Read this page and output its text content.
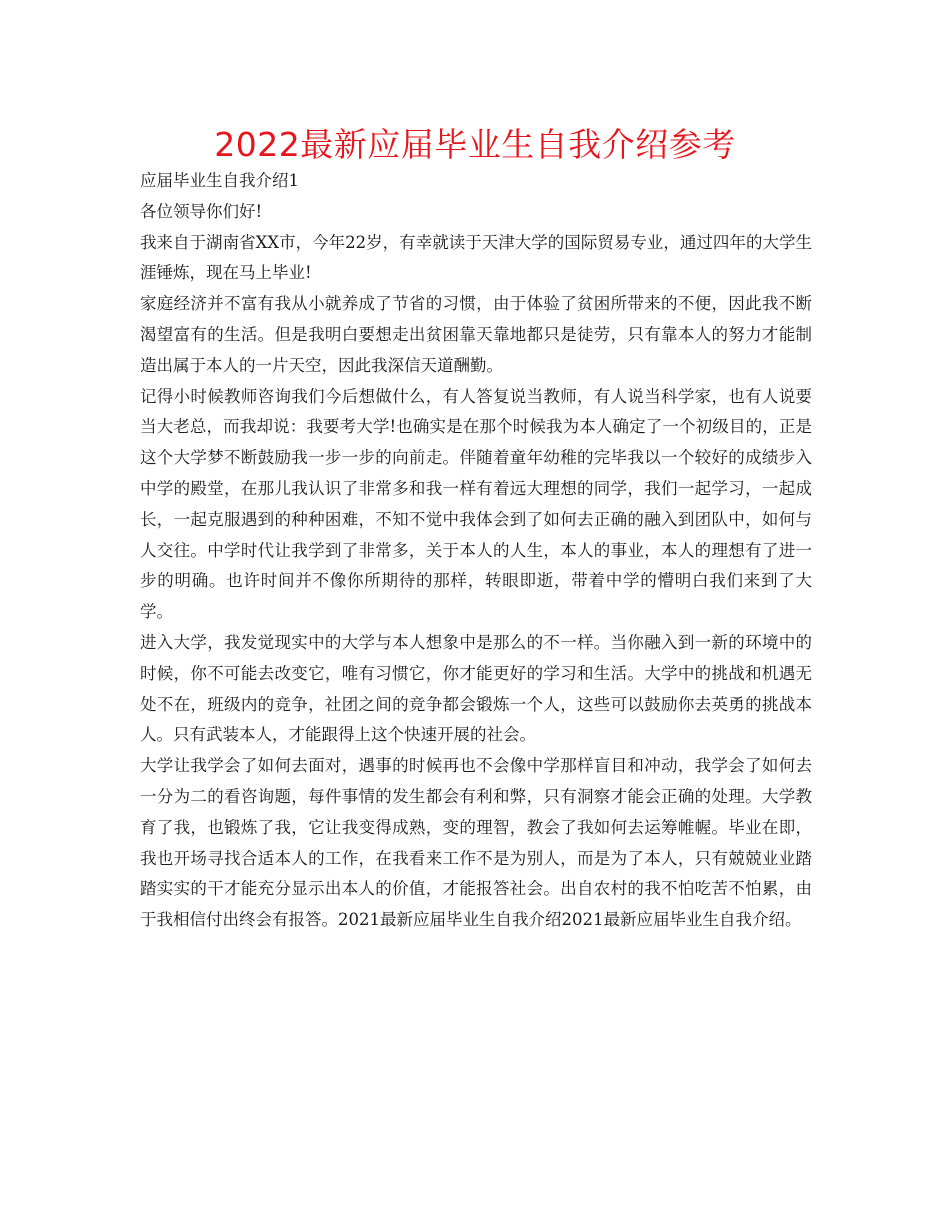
2022最新应届毕业生自我介绍参考

应届毕业生自我介绍1

各位领导你们好!

我来自于湖南省XX市，今年22岁，有幸就读于天津大学的国际贸易专业，通过四年的大学生涯锤炼，现在马上毕业!

家庭经济并不富有我从小就养成了节省的习惯，由于体验了贫困所带来的不便，因此我不断渴望富有的生活。但是我明白要想走出贫困靠天靠地都只是徒劳，只有靠本人的努力才能制造出属于本人的一片天空，因此我深信天道酬勤。

记得小时候教师咨询我们今后想做什么，有人答复说当教师，有人说当科学家，也有人说要当大老总，而我却说：我要考大学!也确实是在那个时候我为本人确定了一个初级目的，正是这个大学梦不断鼓励我一步一步的向前走。伴随着童年幼稚的完毕我以一个较好的成绩步入中学的殿堂，在那儿我认识了非常多和我一样有着远大理想的同学，我们一起学习，一起成长，一起克服遇到的种种困难，不知不觉中我体会到了如何去正确的融入到团队中，如何与人交往。中学时代让我学到了非常多，关于本人的人生，本人的事业，本人的理想有了进一步的明确。也许时间并不像你所期待的那样，转眼即逝，带着中学的懵明白我们来到了大学。

进入大学，我发觉现实中的大学与本人想象中是那么的不一样。当你融入到一新的环境中的时候，你不可能去改变它，唯有习惯它，你才能更好的学习和生活。大学中的挑战和机遇无处不在，班级内的竞争，社团之间的竞争都会锻炼一个人，这些可以鼓励你去英勇的挑战本人。只有武装本人，才能跟得上这个快速开展的社会。

大学让我学会了如何去面对，遇事的时候再也不会像中学那样盲目和冲动，我学会了如何去一分为二的看咨询题，每件事情的发生都会有利和弊，只有洞察才能会正确的处理。大学教育了我，也锻炼了我，它让我变得成熟，变的理智，教会了我如何去运筹帷幄。毕业在即，我也开场寻找合适本人的工作，在我看来工作不是为别人，而是为了本人，只有兢兢业业踏踏实实的干才能充分显示出本人的价值，才能报答社会。出自农村的我不怕吃苦不怕累，由于我相信付出终会有报答。2021最新应届毕业生自我介绍2021最新应届毕业生自我介绍。
